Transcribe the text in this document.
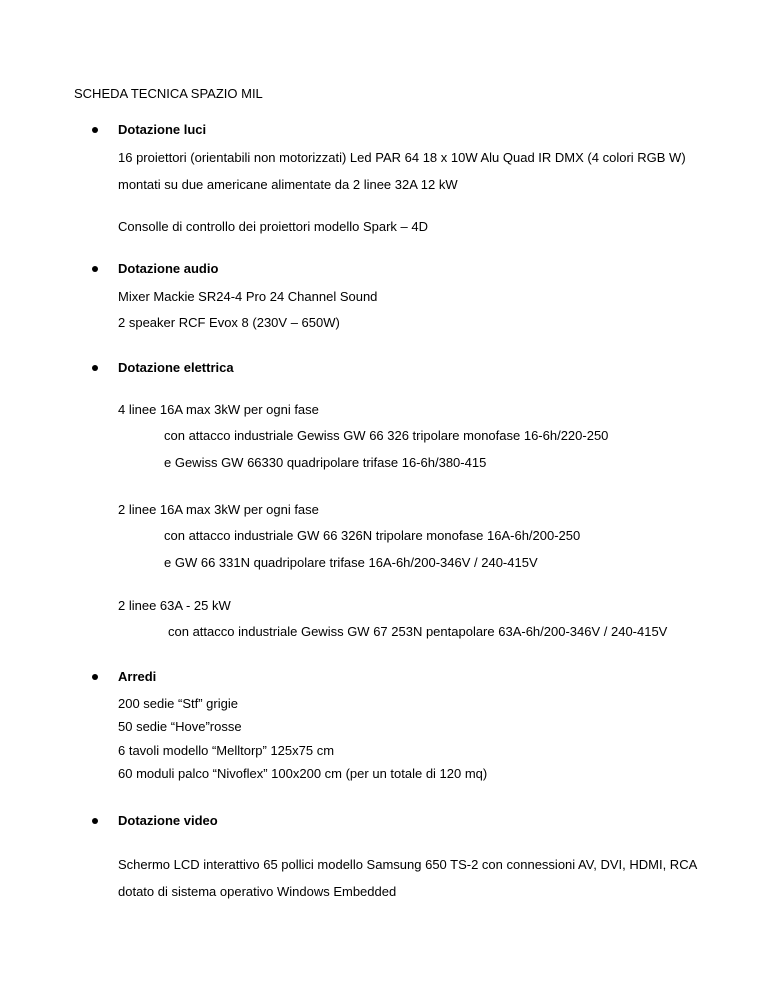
SCHEDA TECNICA SPAZIO MIL
Dotazione luci
16 proiettori (orientabili non motorizzati) Led PAR 64 18 x 10W Alu Quad IR DMX (4 colori RGB W)
montati su due americane alimentate da 2 linee 32A 12 kW
Consolle di controllo dei proiettori modello Spark – 4D
Dotazione audio
Mixer Mackie SR24-4 Pro 24 Channel Sound
2 speaker RCF Evox 8 (230V – 650W)
Dotazione elettrica
4 linee 16A max 3kW per ogni fase
con attacco industriale Gewiss GW 66 326 tripolare monofase 16-6h/220-250
e Gewiss GW 66330 quadripolare trifase 16-6h/380-415
2 linee 16A max 3kW per ogni fase
con attacco industriale GW 66 326N tripolare monofase 16A-6h/200-250
e GW 66 331N quadripolare trifase 16A-6h/200-346V / 240-415V
2 linee 63A - 25 kW
con attacco industriale Gewiss GW 67 253N pentapolare 63A-6h/200-346V / 240-415V
Arredi
200 sedie “Stf” grigie
50 sedie “Hove”rosse
6 tavoli modello “Melltorp” 125x75 cm
60 moduli palco “Nivoflex” 100x200 cm (per un totale di 120 mq)
Dotazione video
Schermo LCD interattivo 65 pollici modello Samsung 650 TS-2 con connessioni AV, DVI, HDMI, RCA
dotato di sistema operativo Windows Embedded
